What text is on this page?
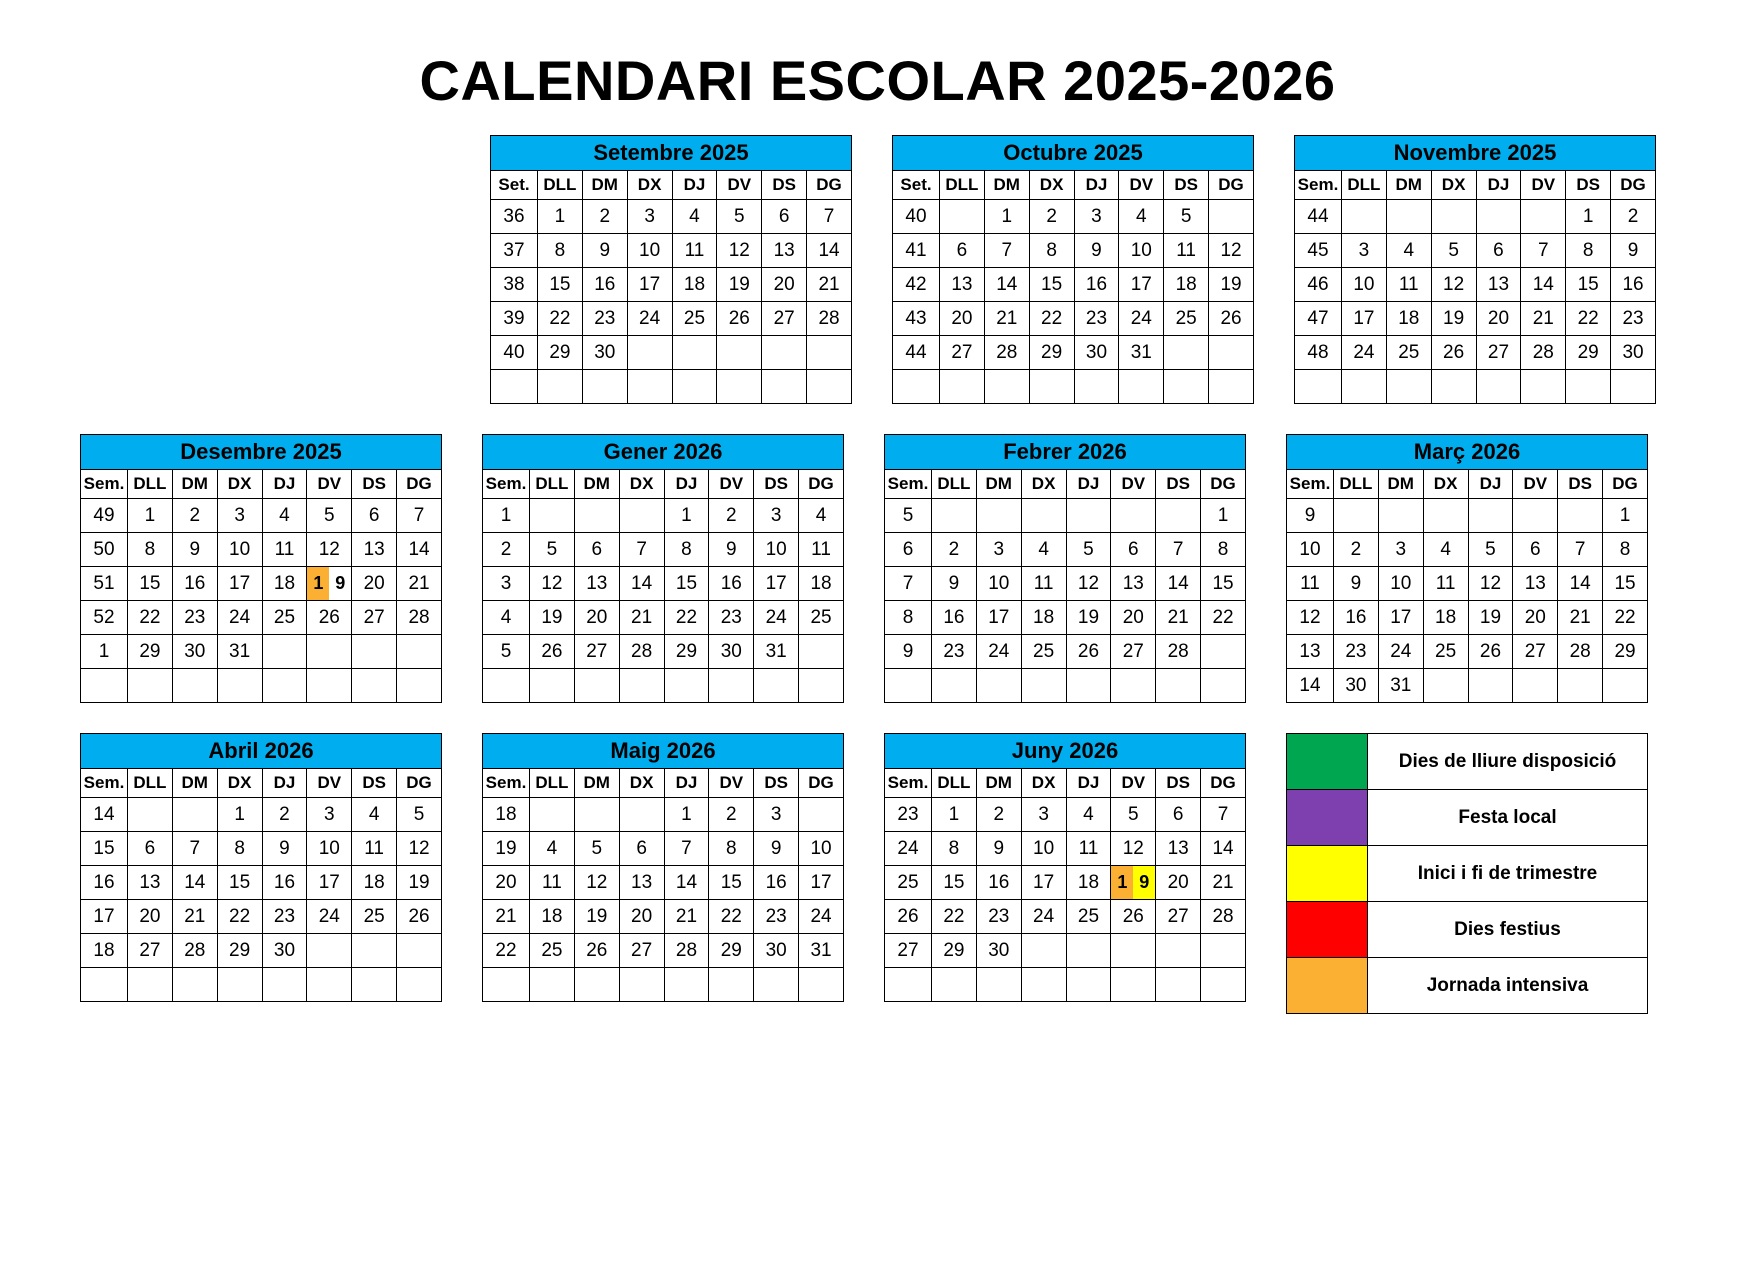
CALENDARI ESCOLAR 2025-2026
Setembre 2025
Set.	DLL	DM	DX	DJ	DV	DS	DG
36	1	2	3	4	5	6	7
37	8	9	10	11	12	13	14
38	15	16	17	18	19	20	21
39	22	23	24	25	26	27	28
40	29	30					

Octubre 2025
Set.	DLL	DM	DX	DJ	DV	DS	DG
40		1	2	3	4	5	
41	6	7	8	9	10	11	12
42	13	14	15	16	17	18	19
43	20	21	22	23	24	25	26
44	27	28	29	30	31		

Novembre 2025
Sem.	DLL	DM	DX	DJ	DV	DS	DG
44						1	2
45	3	4	5	6	7	8	9
46	10	11	12	13	14	15	16
47	17	18	19	20	21	22	23
48	24	25	26	27	28	29	30

Desembre 2025
Sem.	DLL	DM	DX	DJ	DV	DS	DG
49	1	2	3	4	5	6	7
50	8	9	10	11	12	13	14
51	15	16	17	18	1 9	20	21
52	22	23	24	25	26	27	28
1	29	30	31				

Gener 2026
Sem.	DLL	DM	DX	DJ	DV	DS	DG
1				1	2	3	4
2	5	6	7	8	9	10	11
3	12	13	14	15	16	17	18
4	19	20	21	22	23	24	25
5	26	27	28	29	30	31	

Febrer 2026
Sem.	DLL	DM	DX	DJ	DV	DS	DG
5							1
6	2	3	4	5	6	7	8
7	9	10	11	12	13	14	15
8	16	17	18	19	20	21	22
9	23	24	25	26	27	28	

Març 2026
Sem.	DLL	DM	DX	DJ	DV	DS	DG
9							1
10	2	3	4	5	6	7	8
11	9	10	11	12	13	14	15
12	16	17	18	19	20	21	22
13	23	24	25	26	27	28	29
14	30	31					
Abril 2026
Sem.	DLL	DM	DX	DJ	DV	DS	DG
14			1	2	3	4	5
15	6	7	8	9	10	11	12
16	13	14	15	16	17	18	19
17	20	21	22	23	24	25	26
18	27	28	29	30			

Maig 2026
Sem.	DLL	DM	DX	DJ	DV	DS	DG
18				1	2	3	
19	4	5	6	7	8	9	10
20	11	12	13	14	15	16	17
21	18	19	20	21	22	23	24
22	25	26	27	28	29	30	31

Juny 2026
Sem.	DLL	DM	DX	DJ	DV	DS	DG
23	1	2	3	4	5	6	7
24	8	9	10	11	12	13	14
25	15	16	17	18	1 9	20	21
26	22	23	24	25	26	27	28
27	29	30					

	Dies de lliure disposició
	Festa local
	Inici i fi de trimestre
	Dies festius
	Jornada intensiva
